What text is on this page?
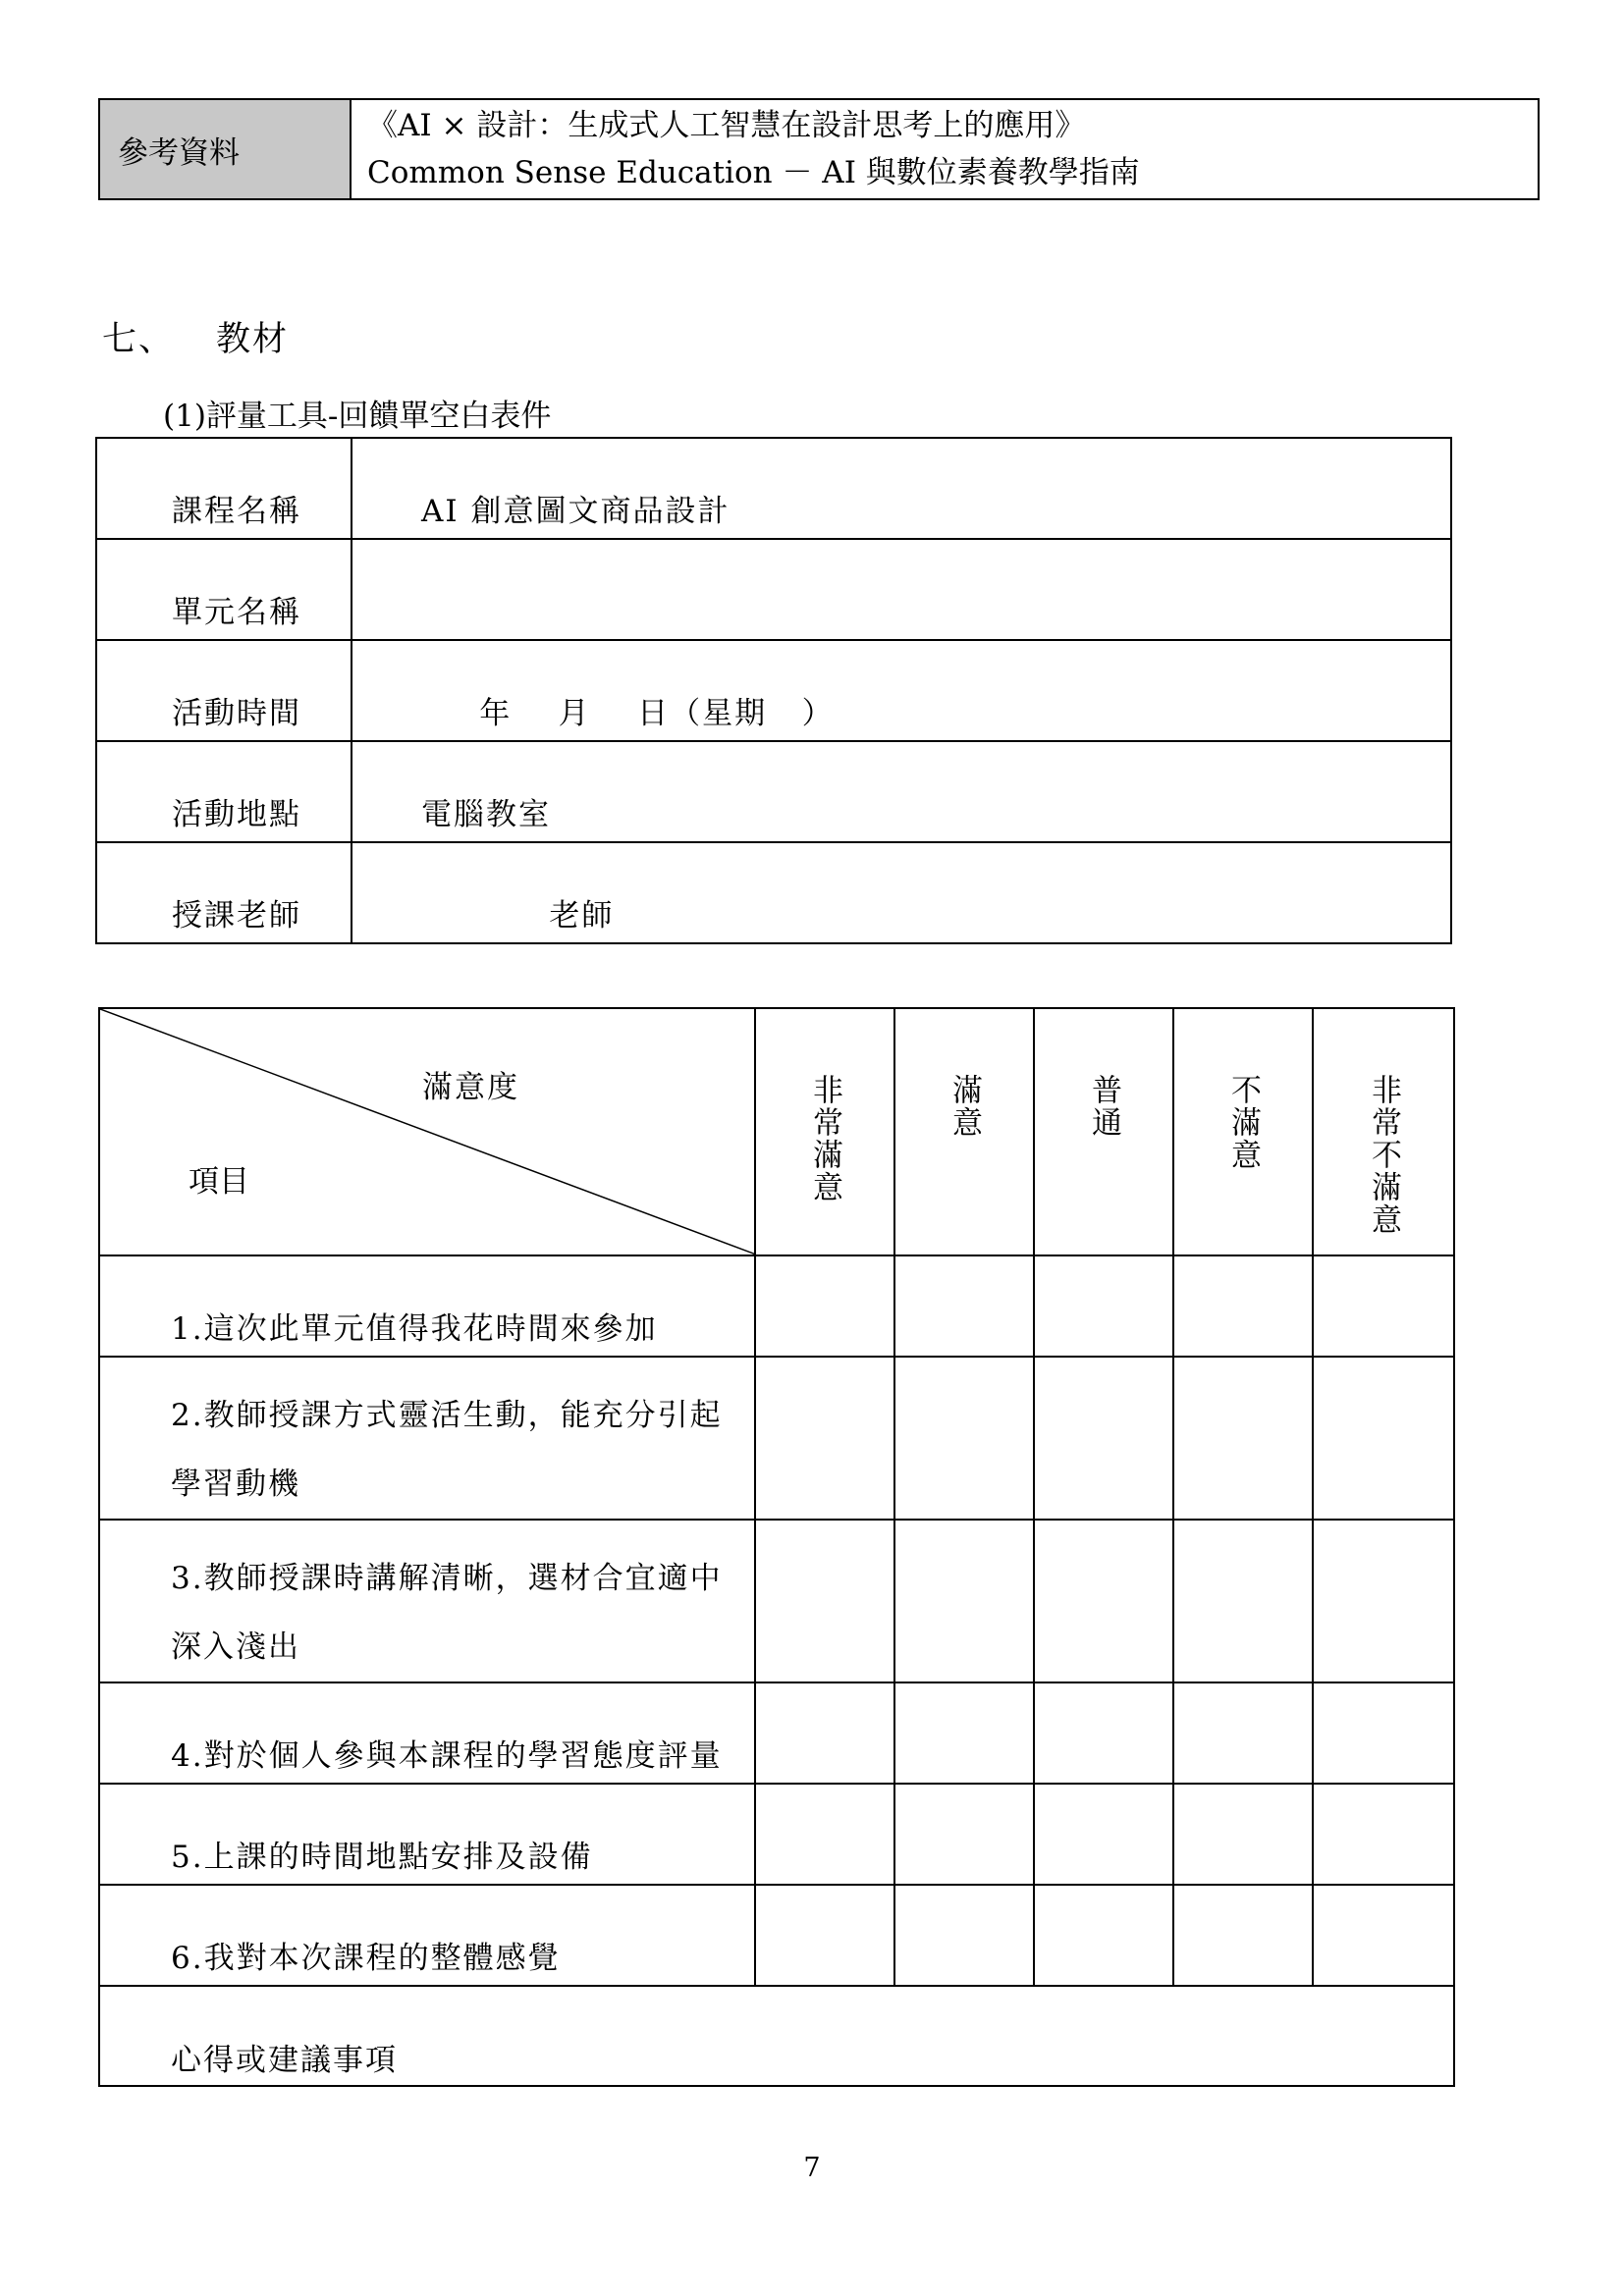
參考資料	
《AI × 設計：生成式人工智慧在設計思考上的應用》
Common Sense Education － AI 與數位素養教學指南
七、 教材
(1)評量工具-回饋單空白表件
課程名稱	AI 創意圖文商品設計
單元名稱	
活動時間	年    月    日（星期   ）
活動地點	電腦教室
授課老師	老師
滿意度
項目	非常滿意	滿意	普通	不滿意	非常不滿意

1.這次此單元值得我花時間來參加					
2.教師授課方式靈活生動，能充分引起學習動機					
3.教師授課時講解清晰，選材合宜適中深入淺出					
4.對於個人參與本課程的學習態度評量					
5.上課的時間地點安排及設備					
6.我對本次課程的整體感覺					
心得或建議事項					
7
